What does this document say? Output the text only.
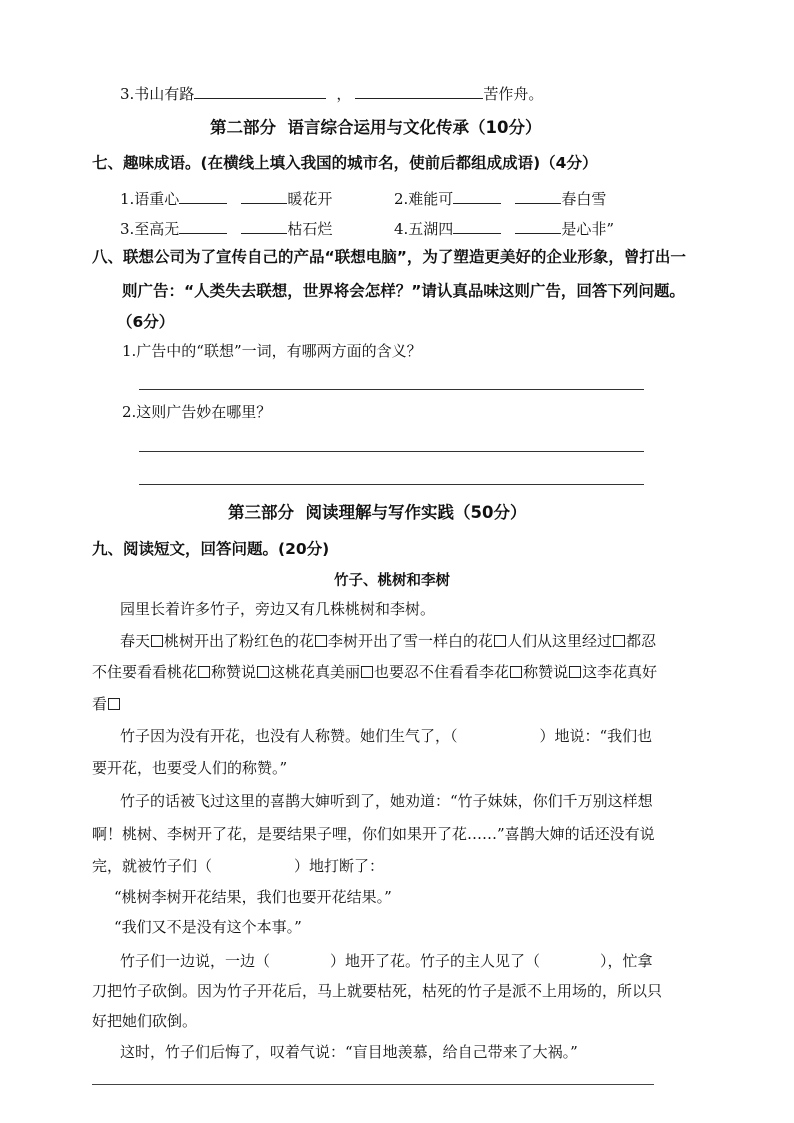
3.书山有路	，	苦作舟。
第二部分  语言综合运用与文化传承（10分）
七、趣味成语。(在横线上填入我国的城市名，使前后都组成成语)（4分）
1.语重心	暖花开	2.难能可	春白雪
3.至高无	枯石烂	4.五湖四	是心非”
八、联想公司为了宣传自己的产品“联想电脑”，为了塑造更美好的企业形象，曾打出一
则广告：“人类失去联想，世界将会怎样？”请认真品味这则广告，回答下列问题。
（6分）
1.广告中的“联想”一词，有哪两方面的含义？
2.这则广告妙在哪里？
第三部分  阅读理解与写作实践（50分）
九、阅读短文，回答问题。(20分)
竹子、桃树和李树
园里长着许多竹子，旁边又有几株桃树和李树。
春天 桃树开出了粉红色的花 李树开出了雪一样白的花 人们从这里经过 都忍
不住要看看桃花 称赞说 这桃花真美丽 也要忍不住看看李花 称赞说 这李花真好
看
竹子因为没有开花，也没有人称赞。她们生气了，（	）地说：“我们也
要开花，也要受人们的称赞。”
竹子的话被飞过这里的喜鹊大婶听到了，她劝道：“竹子妹妹，你们千万别这样想
啊！桃树、李树开了花，是要结果子哩，你们如果开了花……”喜鹊大婶的话还没有说
完，就被竹子们（	）地打断了：
“桃树李树开花结果，我们也要开花结果。”
“我们又不是没有这个本事。”
竹子们一边说，一边（	）地开了花。竹子的主人见了（	），忙拿
刀把竹子砍倒。因为竹子开花后，马上就要枯死，枯死的竹子是派不上用场的，所以只
好把她们砍倒。
这时，竹子们后悔了，叹着气说：“盲目地羡慕，给自己带来了大祸。”
